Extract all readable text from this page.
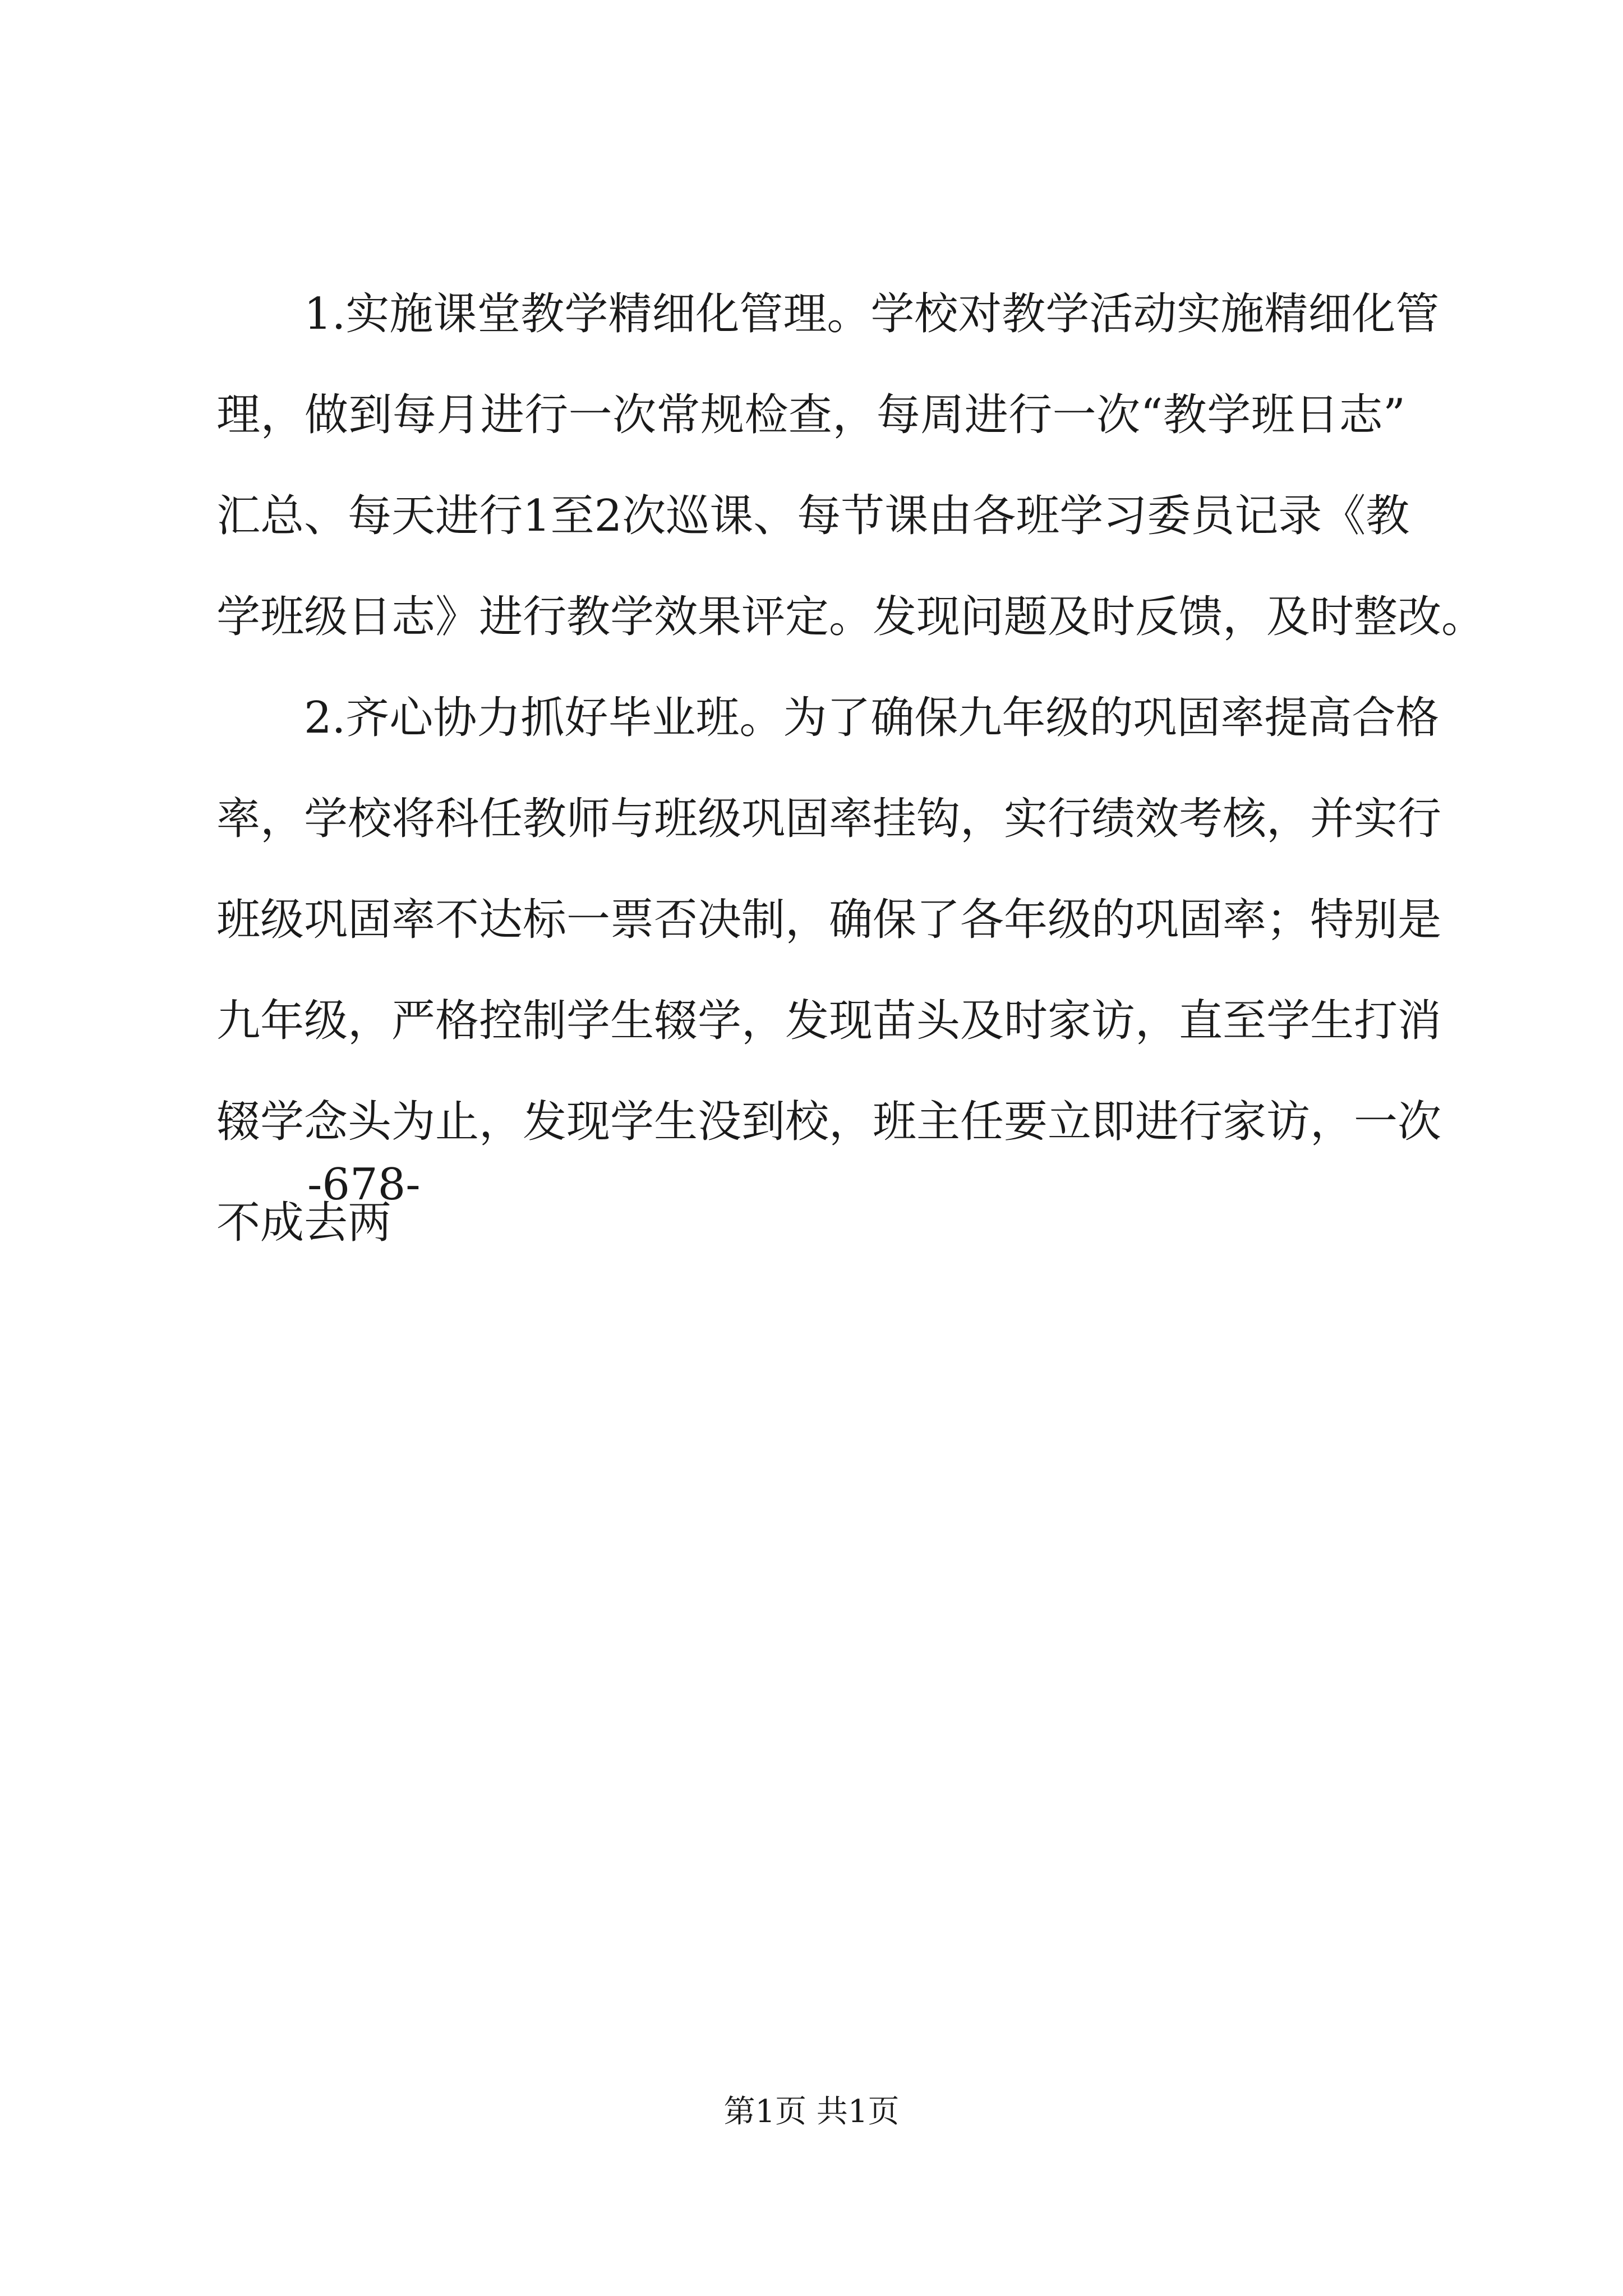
1.实施课堂教学精细化管理。学校对教学活动实施精细化管
理，做到每月进行一次常规检查，每周进行一次“教学班日志”
汇总、每天进行1至2次巡课、每节课由各班学习委员记录《教
学班级日志》进行教学效果评定。发现问题及时反馈，及时整改。
2.齐心协力抓好毕业班。为了确保九年级的巩固率提高合格
率，学校将科任教师与班级巩固率挂钩，实行绩效考核，并实行
班级巩固率不达标一票否决制，确保了各年级的巩固率；特别是
九年级，严格控制学生辍学，发现苗头及时家访，直至学生打消
辍学念头为止，发现学生没到校，班主任要立即进行家访，一次
不成去两
-678-
第1页 共1页
